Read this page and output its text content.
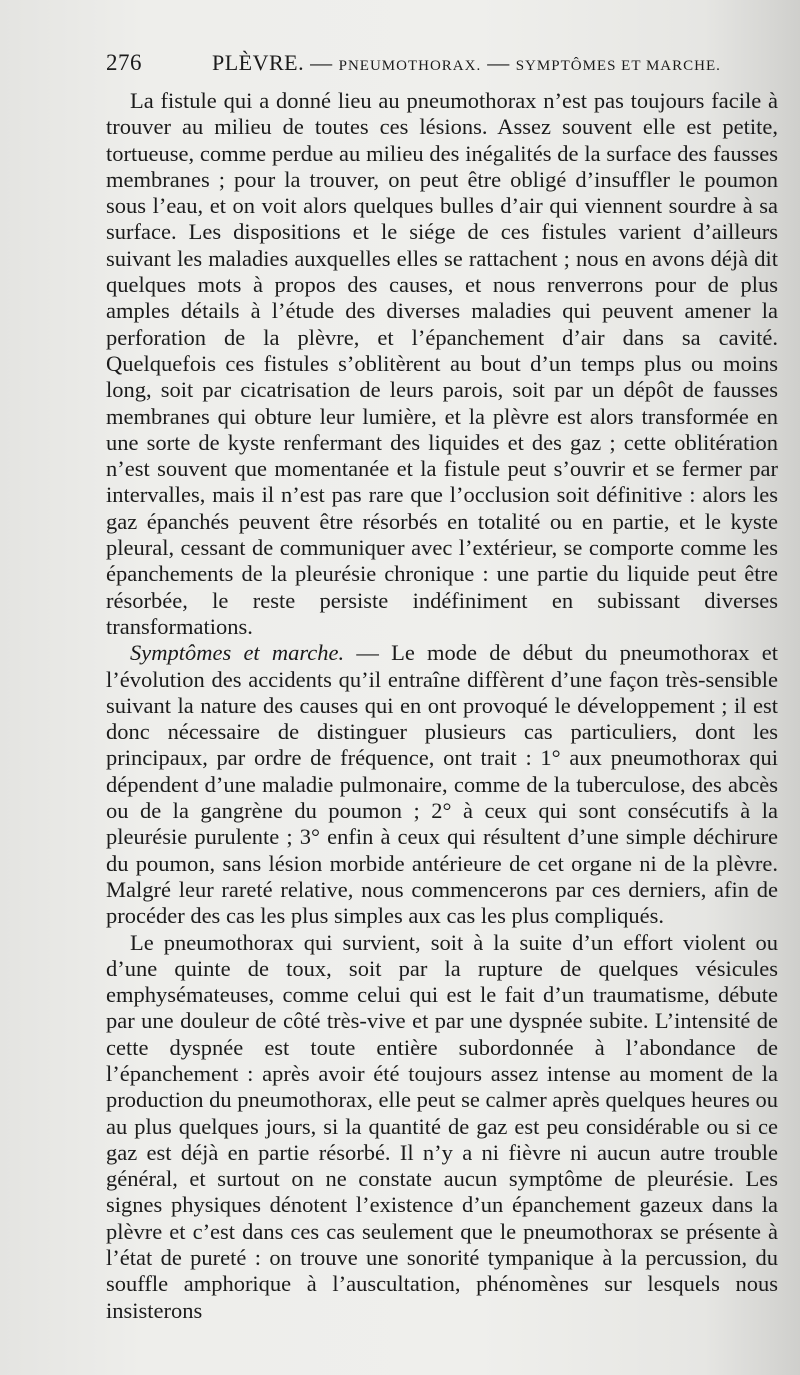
276	PLÈVRE. — PNEUMOTHORAX. — SYMPTÔMES ET MARCHE.

La fistule qui a donné lieu au pneumothorax n’est pas toujours facile à trouver au milieu de toutes ces lésions. Assez souvent elle est petite, tortueuse, comme perdue au milieu des inégalités de la surface des fausses membranes ; pour la trouver, on peut être obligé d’insuffler le poumon sous l’eau, et on voit alors quelques bulles d’air qui viennent sourdre à sa surface. Les dispositions et le siége de ces fistules varient d’ailleurs suivant les maladies auxquelles elles se rattachent ; nous en avons déjà dit quelques mots à propos des causes, et nous renverrons pour de plus amples détails à l’étude des diverses maladies qui peuvent amener la perforation de la plèvre, et l’épanchement d’air dans sa cavité. Quelquefois ces fistules s’oblitèrent au bout d’un temps plus ou moins long, soit par cicatrisation de leurs parois, soit par un dépôt de fausses membranes qui obture leur lumière, et la plèvre est alors transformée en une sorte de kyste renfermant des liquides et des gaz ; cette oblitération n’est souvent que momentanée et la fistule peut s’ouvrir et se fermer par intervalles, mais il n’est pas rare que l’occlusion soit définitive : alors les gaz épanchés peuvent être résorbés en totalité ou en partie, et le kyste pleural, cessant de communiquer avec l’extérieur, se comporte comme les épanchements de la pleurésie chronique : une partie du liquide peut être résorbée, le reste persiste indéfiniment en subissant diverses transformations.

Symptômes et marche. — Le mode de début du pneumothorax et l’évolution des accidents qu’il entraîne diffèrent d’une façon très-sensible suivant la nature des causes qui en ont provoqué le développement ; il est donc nécessaire de distinguer plusieurs cas particuliers, dont les principaux, par ordre de fréquence, ont trait : 1° aux pneumothorax qui dépendent d’une maladie pulmonaire, comme de la tuberculose, des abcès ou de la gangrène du poumon ; 2° à ceux qui sont consécutifs à la pleurésie purulente ; 3° enfin à ceux qui résultent d’une simple déchirure du poumon, sans lésion morbide antérieure de cet organe ni de la plèvre. Malgré leur rareté relative, nous commencerons par ces derniers, afin de procéder des cas les plus simples aux cas les plus compliqués.

Le pneumothorax qui survient, soit à la suite d’un effort violent ou d’une quinte de toux, soit par la rupture de quelques vésicules emphysémateuses, comme celui qui est le fait d’un traumatisme, débute par une douleur de côté très-vive et par une dyspnée subite. L’intensité de cette dyspnée est toute entière subordonnée à l’abondance de l’épanchement : après avoir été toujours assez intense au moment de la production du pneumothorax, elle peut se calmer après quelques heures ou au plus quelques jours, si la quantité de gaz est peu considérable ou si ce gaz est déjà en partie résorbé. Il n’y a ni fièvre ni aucun autre trouble général, et surtout on ne constate aucun symptôme de pleurésie. Les signes physiques dénotent l’existence d’un épanchement gazeux dans la plèvre et c’est dans ces cas seulement que le pneumothorax se présente à l’état de pureté : on trouve une sonorité tympanique à la percussion, du souffle amphorique à l’auscultation, phénomènes sur lesquels nous insisterons
